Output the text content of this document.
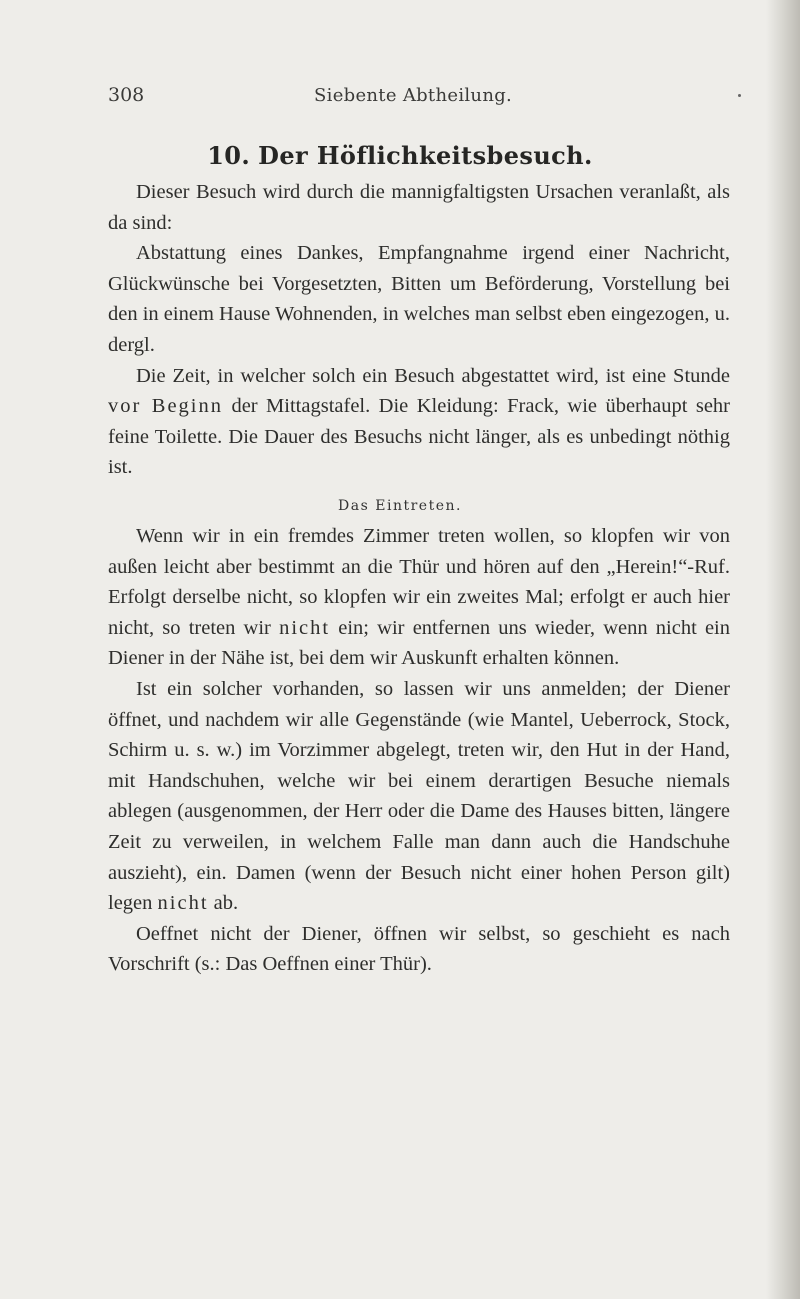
308	Siebente Abtheilung.
10. Der Höflichkeitsbesuch.

Dieser Besuch wird durch die mannigfaltigsten Ursachen veranlaßt, als da sind:

Abstattung eines Dankes, Empfangnahme irgend einer Nachricht, Glückwünsche bei Vorgesetzten, Bitten um Beförderung, Vorstellung bei den in einem Hause Wohnenden, in welches man selbst eben eingezogen, u. dergl.

Die Zeit, in welcher solch ein Besuch abgestattet wird, ist eine Stunde vor Beginn der Mittagstafel. Die Kleidung: Frack, wie überhaupt sehr feine Toilette. Die Dauer des Besuchs nicht länger, als es unbedingt nöthig ist.

Das Eintreten.

Wenn wir in ein fremdes Zimmer treten wollen, so klopfen wir von außen leicht aber bestimmt an die Thür und hören auf den „Herein!“-Ruf. Erfolgt derselbe nicht, so klopfen wir ein zweites Mal; erfolgt er auch hier nicht, so treten wir nicht ein; wir entfernen uns wieder, wenn nicht ein Diener in der Nähe ist, bei dem wir Auskunft erhalten können.

Ist ein solcher vorhanden, so lassen wir uns anmelden; der Diener öffnet, und nachdem wir alle Gegenstände (wie Mantel, Ueberrock, Stock, Schirm u. s. w.) im Vorzimmer abgelegt, treten wir, den Hut in der Hand, mit Handschuhen, welche wir bei einem derartigen Besuche niemals ablegen (ausgenommen, der Herr oder die Dame des Hauses bitten, längere Zeit zu verweilen, in welchem Falle man dann auch die Handschuhe auszieht), ein. Damen (wenn der Besuch nicht einer hohen Person gilt) legen nicht ab.

Oeffnet nicht der Diener, öffnen wir selbst, so geschieht es nach Vorschrift (s.: Das Oeffnen einer Thür).
